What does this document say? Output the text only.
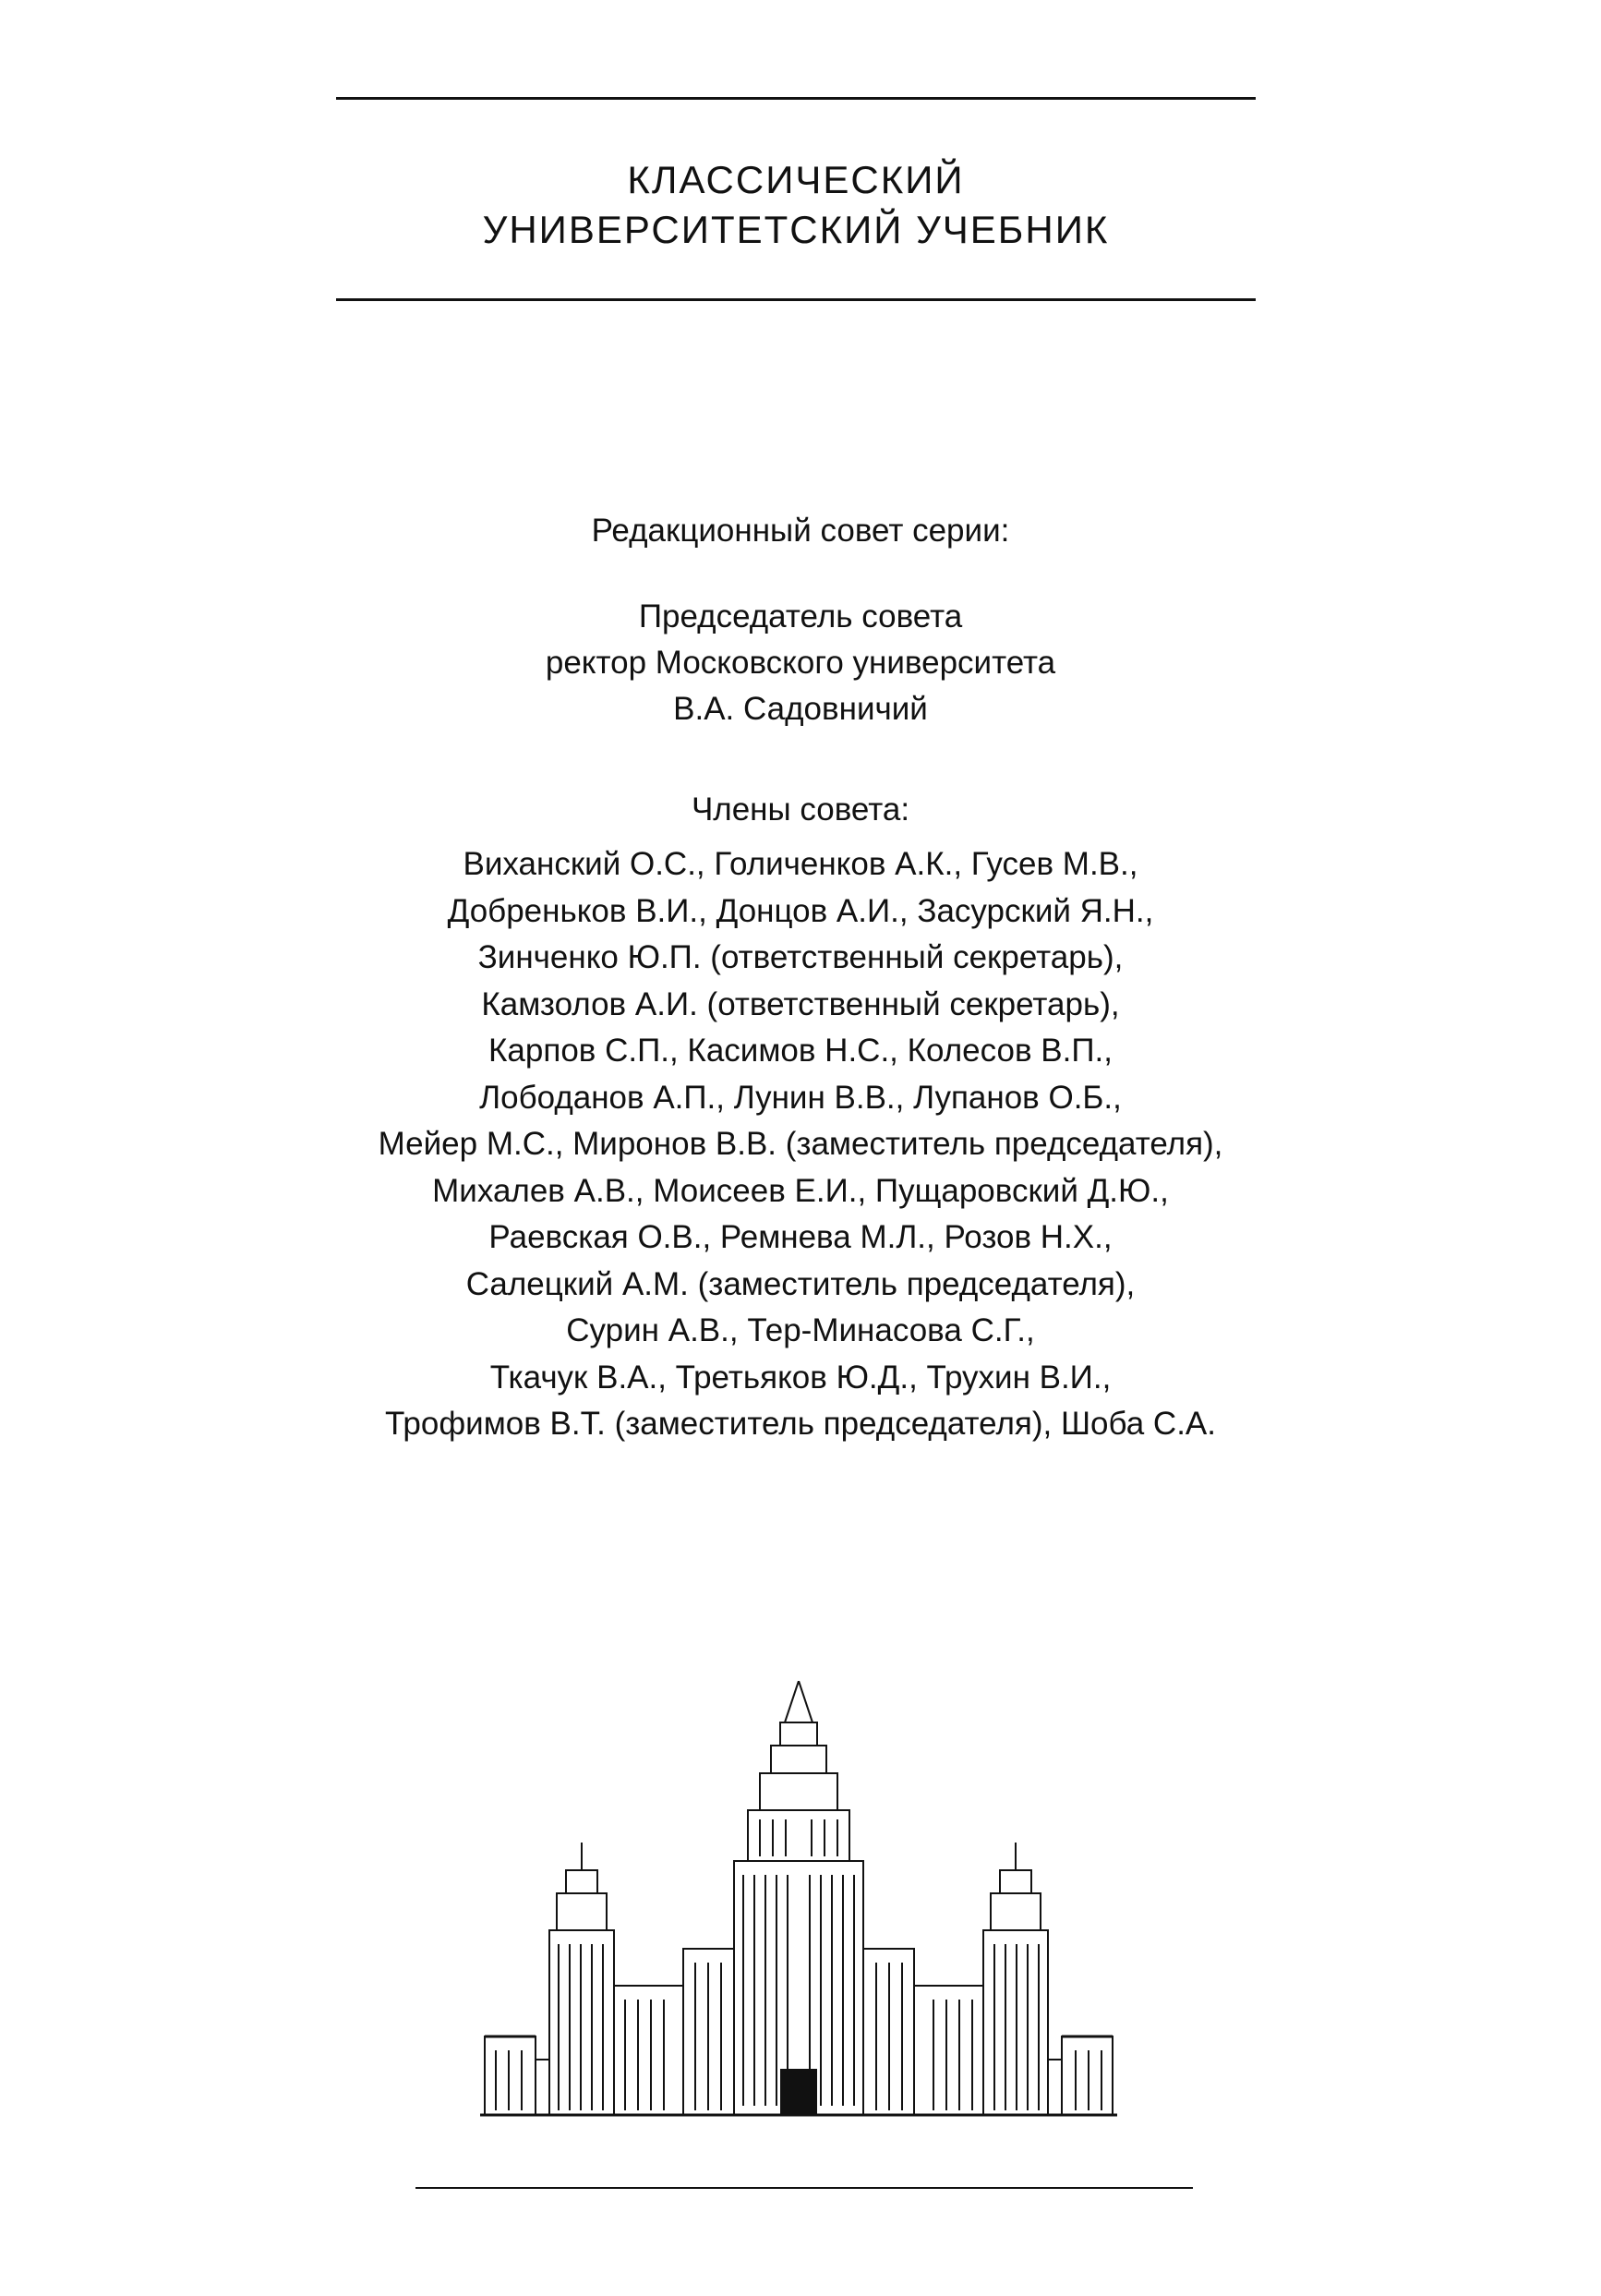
КЛАССИЧЕСКИЙ
УНИВЕРСИТЕТСКИЙ УЧЕБНИК
Редакционный совет серии:
Председатель совета
ректор Московского университета
В.А. Садовничий
Члены совета:
Виханский О.С., Голиченков А.К., Гусев М.В.,
Добреньков В.И., Донцов А.И., Засурский Я.Н.,
Зинченко Ю.П. (ответственный секретарь),
Камзолов А.И. (ответственный секретарь),
Карпов С.П., Касимов Н.С., Колесов В.П.,
Лободанов А.П., Лунин В.В., Лупанов О.Б.,
Мейер М.С., Миронов В.В. (заместитель председателя),
Михалев А.В., Моисеев Е.И., Пущаровский Д.Ю.,
Раевская О.В., Ремнева М.Л., Розов Н.Х.,
Салецкий А.М. (заместитель председателя),
Сурин А.В., Тер-Минасова С.Г.,
Ткачук В.А., Третьяков Ю.Д., Трухин В.И.,
Трофимов В.Т. (заместитель председателя), Шоба С.А.
